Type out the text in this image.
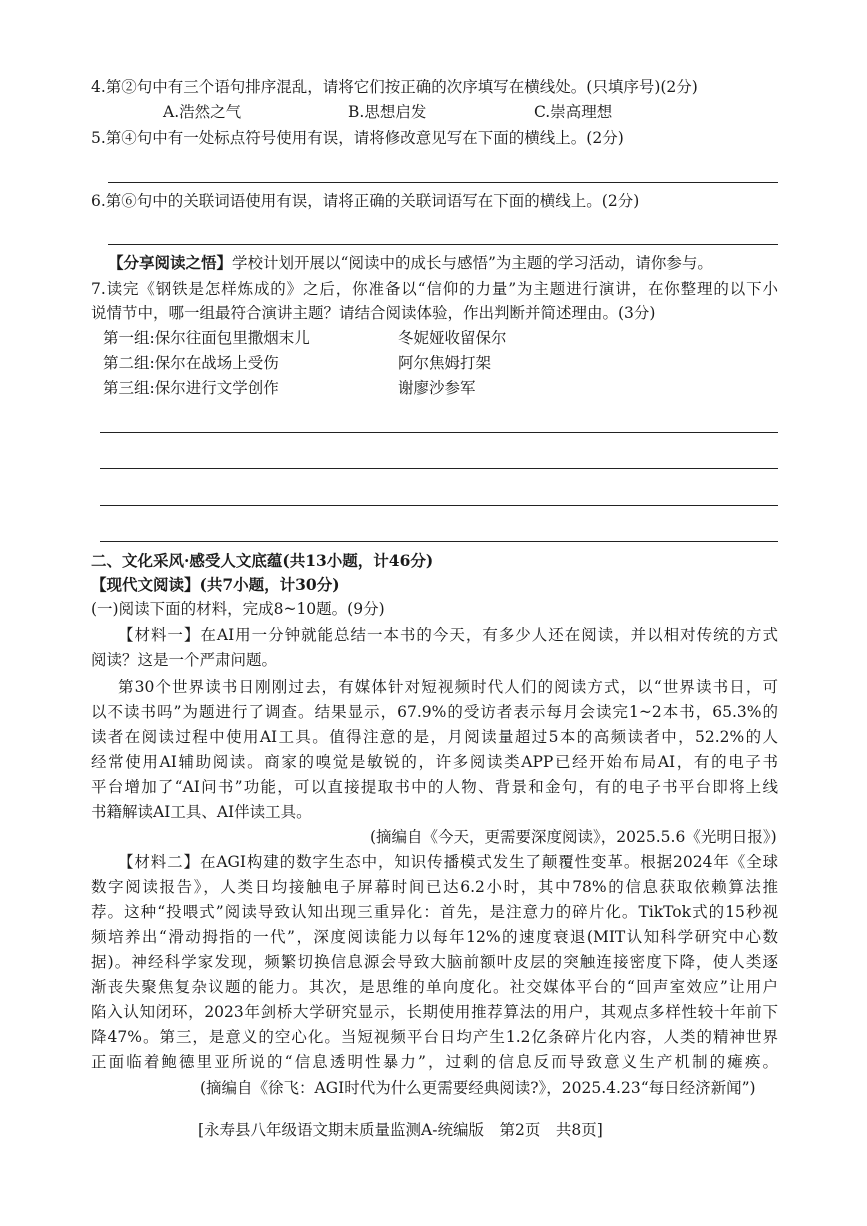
4.第②句中有三个语句排序混乱，请将它们按正确的次序填写在横线处。(只填序号)(2分)
A.浩然之气	B.思想启发	C.崇高理想
5.第④句中有一处标点符号使用有误，请将修改意见写在下面的横线上。(2分)
6.第⑥句中的关联词语使用有误，请将正确的关联词语写在下面的横线上。(2分)
【分享阅读之悟】学校计划开展以“阅读中的成长与感悟”为主题的学习活动，请你参与。
7.读完《钢铁是怎样炼成的》之后，你准备以“信仰的力量”为主题进行演讲，在你整理的以下小
说情节中，哪一组最符合演讲主题？请结合阅读体验，作出判断并简述理由。(3分)
第一组:保尔往面包里撒烟末儿	冬妮娅收留保尔
第二组:保尔在战场上受伤	阿尔焦姆打架
第三组:保尔进行文学创作	谢廖沙参军
二、文化采风·感受人文底蕴(共13小题，计46分)
【现代文阅读】(共7小题，计30分)
(一)阅读下面的材料，完成8~10题。(9分)
【材料一】在AI用一分钟就能总结一本书的今天，有多少人还在阅读，并以相对传统的方式
阅读？这是一个严肃问题。
第30个世界读书日刚刚过去，有媒体针对短视频时代人们的阅读方式，以“世界读书日，可
以不读书吗”为题进行了调查。结果显示，67.9%的受访者表示每月会读完1~2本书，65.3%的
读者在阅读过程中使用AI工具。值得注意的是，月阅读量超过5本的高频读者中，52.2%的人
经常使用AI辅助阅读。商家的嗅觉是敏锐的，许多阅读类APP已经开始布局AI，有的电子书
平台增加了“AI问书”功能，可以直接提取书中的人物、背景和金句，有的电子书平台即将上线
书籍解读AI工具、AI伴读工具。
(摘编自《今天，更需要深度阅读》，2025.5.6《光明日报》)
【材料二】在AGI构建的数字生态中，知识传播模式发生了颠覆性变革。根据2024年《全球
数字阅读报告》，人类日均接触电子屏幕时间已达6.2小时，其中78%的信息获取依赖算法推
荐。这种“投喂式”阅读导致认知出现三重异化：首先，是注意力的碎片化。TikTok式的15秒视
频培养出“滑动拇指的一代”，深度阅读能力以每年12%的速度衰退(MIT认知科学研究中心数
据)。神经科学家发现，频繁切换信息源会导致大脑前额叶皮层的突触连接密度下降，使人类逐
渐丧失聚焦复杂议题的能力。其次，是思维的单向度化。社交媒体平台的“回声室效应”让用户
陷入认知闭环，2023年剑桥大学研究显示，长期使用推荐算法的用户，其观点多样性较十年前下
降47%。第三，是意义的空心化。当短视频平台日均产生1.2亿条碎片化内容，人类的精神世界
正面临着鲍德里亚所说的“信息透明性暴力”，过剩的信息反而导致意义生产机制的瘫痪。
(摘编自《徐飞：AGI时代为什么更需要经典阅读?》，2025.4.23“每日经济新闻”)
[永寿县八年级语文期末质量监测A-统编版　第2页　共8页]
